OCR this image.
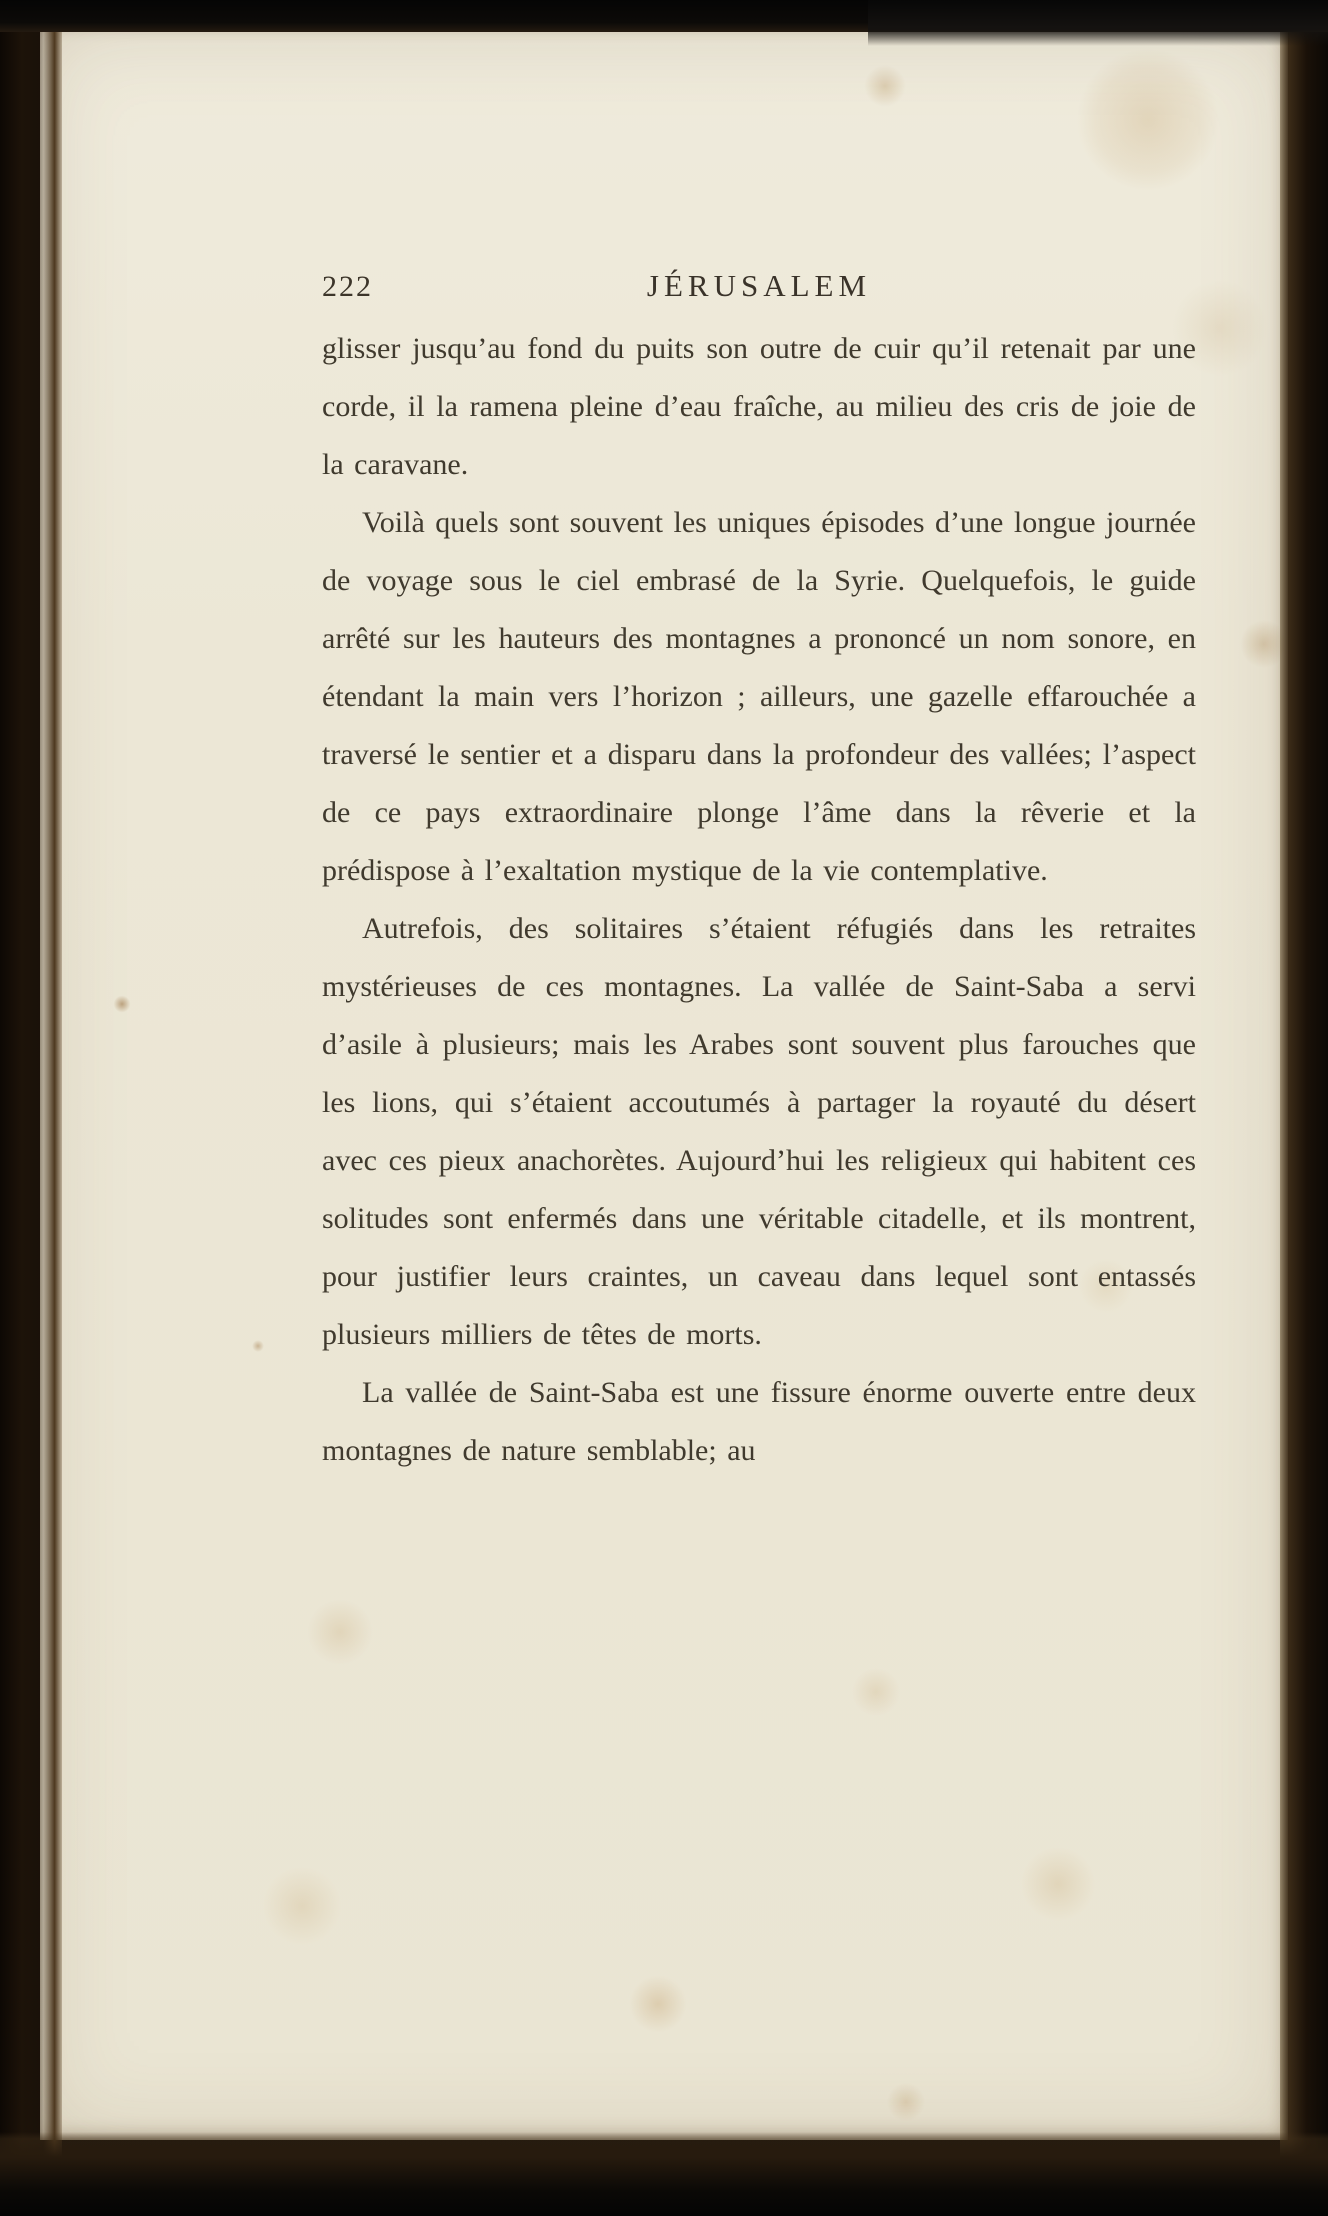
222	JÉRUSALEM

glisser jusqu’au fond du puits son outre de cuir qu’il retenait par une corde, il la ramena pleine d’eau fraîche, au milieu des cris de joie de la caravane.

Voilà quels sont souvent les uniques épisodes d’une longue journée de voyage sous le ciel embrasé de la Syrie. Quelquefois, le guide arrêté sur les hauteurs des montagnes a prononcé un nom sonore, en étendant la main vers l’horizon ; ailleurs, une gazelle effarouchée a traversé le sentier et a disparu dans la profondeur des vallées; l’aspect de ce pays extraordinaire plonge l’âme dans la rêverie et la prédispose à l’exaltation mystique de la vie contemplative.

Autrefois, des solitaires s’étaient réfugiés dans les retraites mystérieuses de ces montagnes. La vallée de Saint-Saba a servi d’asile à plusieurs; mais les Arabes sont souvent plus farouches que les lions, qui s’étaient accoutumés à partager la royauté du désert avec ces pieux anachorètes. Aujourd’hui les religieux qui habitent ces solitudes sont enfermés dans une véritable citadelle, et ils montrent, pour justifier leurs craintes, un caveau dans lequel sont entassés plusieurs milliers de têtes de morts.

La vallée de Saint-Saba est une fissure énorme ouverte entre deux montagnes de nature semblable; au
